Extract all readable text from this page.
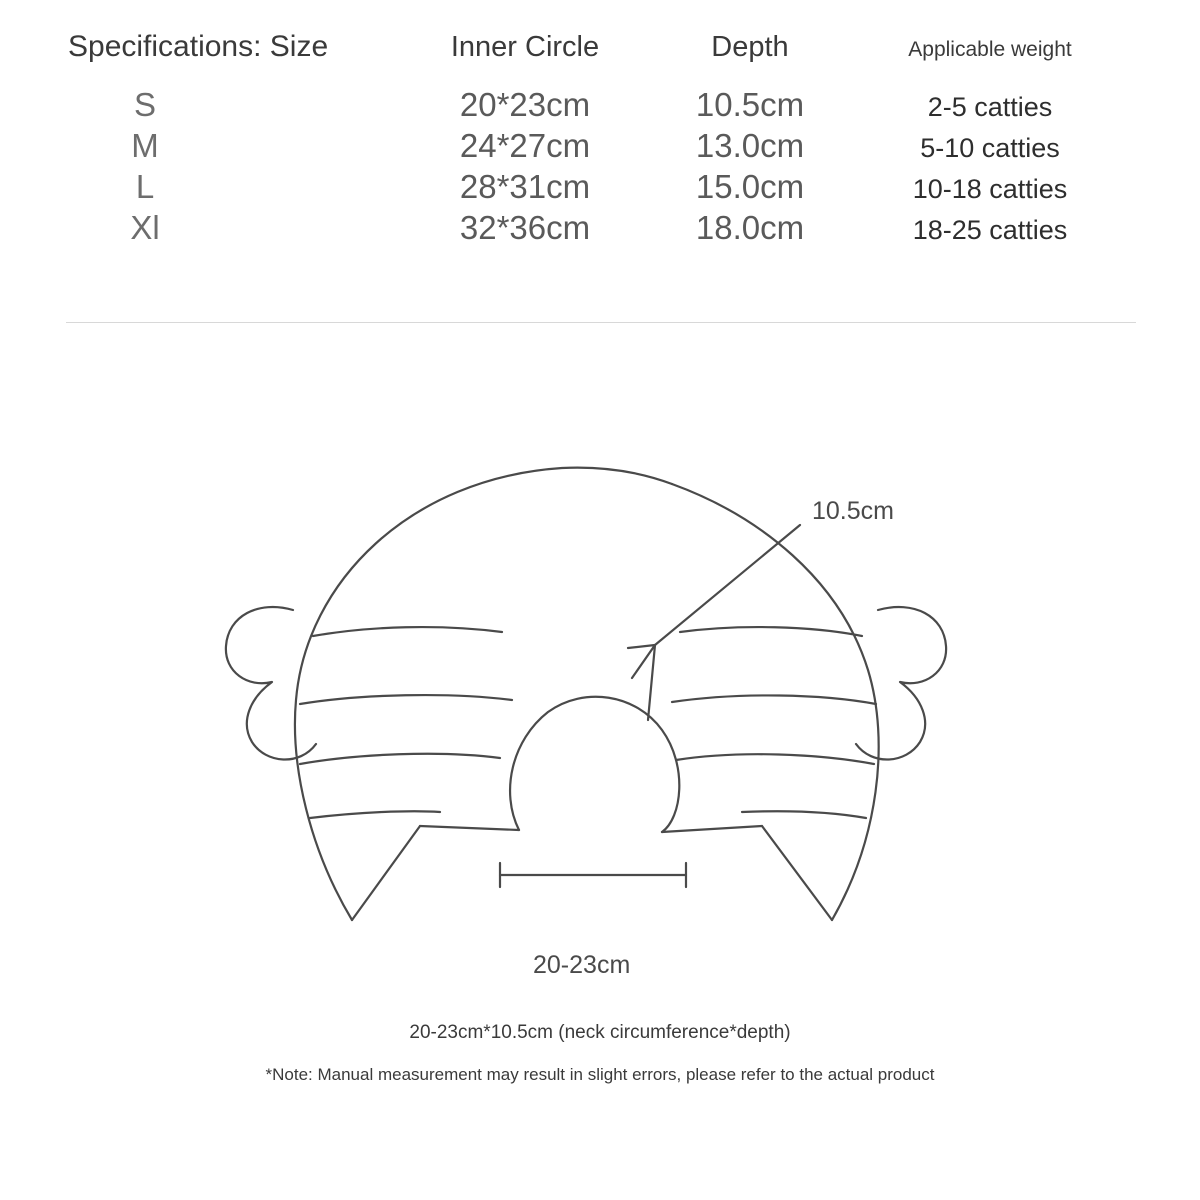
Specifications: Size	Inner Circle	Depth	Applicable weight
S	20*23cm	10.5cm	2-5 catties
M	24*27cm	13.0cm	5-10 catties
L	28*31cm	15.0cm	10-18 catties
Xl	32*36cm	18.0cm	18-25 catties
10.5cm
20-23cm
20-23cm*10.5cm (neck circumference*depth)
*Note: Manual measurement may result in slight errors, please refer to the actual product
